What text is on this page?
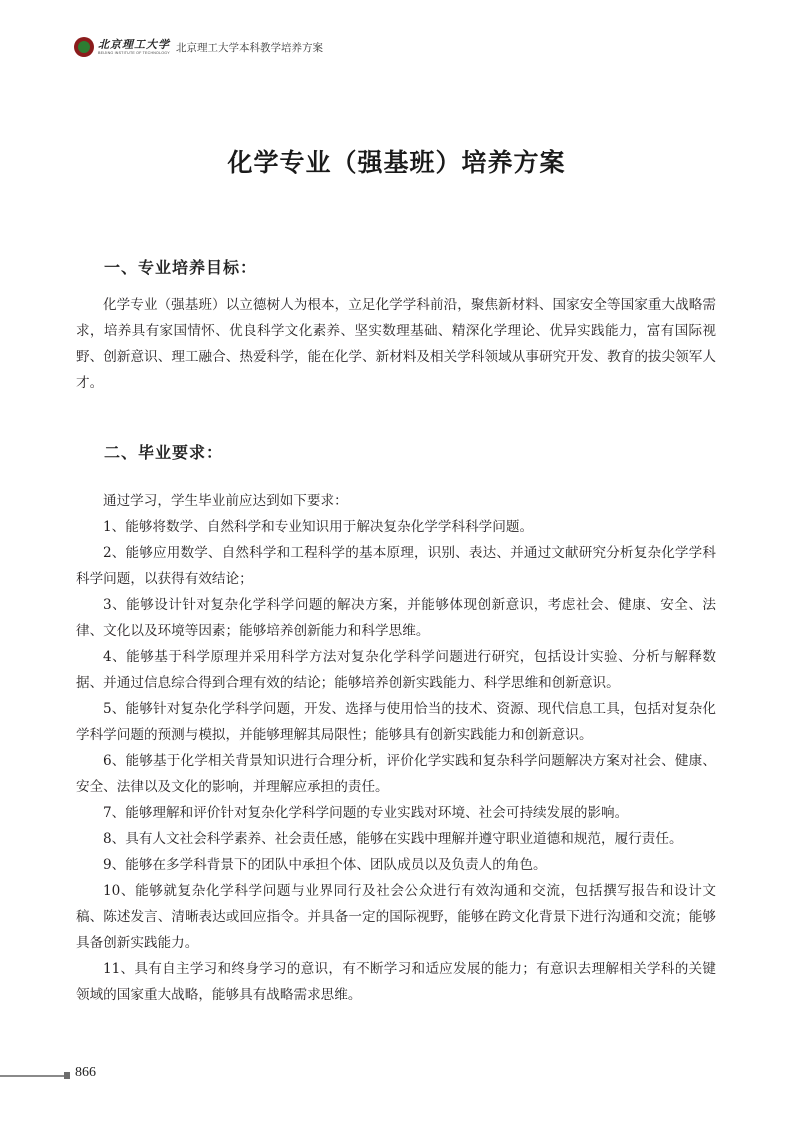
北京理工大学
BEIJING INSTITUTE OF TECHNOLOGY 北京理工大学本科教学培养方案
化学专业（强基班）培养方案
一、专业培养目标：

化学专业（强基班）以立德树人为根本，立足化学学科前沿，聚焦新材料、国家安全等国家重大战略需求，培养具有家国情怀、优良科学文化素养、坚实数理基础、精深化学理论、优异实践能力，富有国际视野、创新意识、理工融合、热爱科学，能在化学、新材料及相关学科领域从事研究开发、教育的拔尖领军人才。

二、毕业要求：

通过学习，学生毕业前应达到如下要求：

1、能够将数学、自然科学和专业知识用于解决复杂化学学科科学问题。

2、能够应用数学、自然科学和工程科学的基本原理，识别、表达、并通过文献研究分析复杂化学学科科学问题，以获得有效结论；

3、能够设计针对复杂化学科学问题的解决方案，并能够体现创新意识，考虑社会、健康、安全、法律、文化以及环境等因素；能够培养创新能力和科学思维。

4、能够基于科学原理并采用科学方法对复杂化学科学问题进行研究，包括设计实验、分析与解释数据、并通过信息综合得到合理有效的结论；能够培养创新实践能力、科学思维和创新意识。

5、能够针对复杂化学科学问题，开发、选择与使用恰当的技术、资源、现代信息工具，包括对复杂化学科学问题的预测与模拟，并能够理解其局限性；能够具有创新实践能力和创新意识。

6、能够基于化学相关背景知识进行合理分析，评价化学实践和复杂科学问题解决方案对社会、健康、安全、法律以及文化的影响，并理解应承担的责任。

7、能够理解和评价针对复杂化学科学问题的专业实践对环境、社会可持续发展的影响。

8、具有人文社会科学素养、社会责任感，能够在实践中理解并遵守职业道德和规范，履行责任。

9、能够在多学科背景下的团队中承担个体、团队成员以及负责人的角色。

10、能够就复杂化学科学问题与业界同行及社会公众进行有效沟通和交流，包括撰写报告和设计文稿、陈述发言、清晰表达或回应指令。并具备一定的国际视野，能够在跨文化背景下进行沟通和交流；能够具备创新实践能力。

11、具有自主学习和终身学习的意识，有不断学习和适应发展的能力；有意识去理解相关学科的关键领域的国家重大战略，能够具有战略需求思维。

866
